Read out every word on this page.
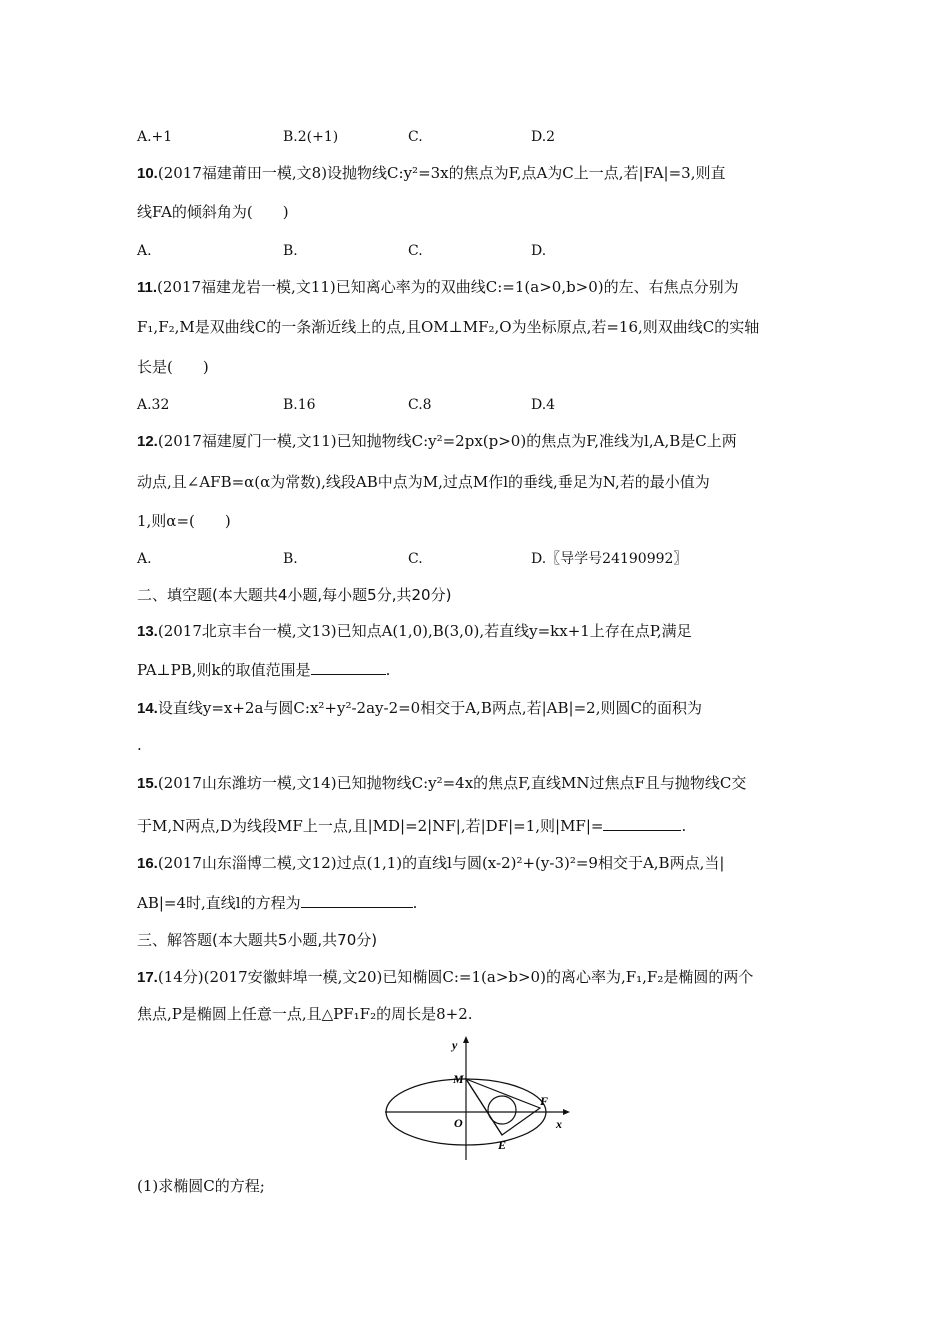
A.+1	B.2(+1)	C.	D.2
10.(2017福建莆田一模,文8)设抛物线C:y²=3x的焦点为F,点A为C上一点,若|FA|=3,则直
线FA的倾斜角为(　　)
A.	B.	C.	D.
11.(2017福建龙岩一模,文11)已知离心率为的双曲线C:=1(a>0,b>0)的左、右焦点分别为
F₁,F₂,M是双曲线C的一条渐近线上的点,且OM⊥MF₂,O为坐标原点,若=16,则双曲线C的实轴
长是(　　)
A.32	B.16	C.8	D.4
12.(2017福建厦门一模,文11)已知抛物线C:y²=2px(p>0)的焦点为F,准线为l,A,B是C上两
动点,且∠AFB=α(α为常数),线段AB中点为M,过点M作l的垂线,垂足为N,若的最小值为
1,则α=(　　)
A.	B.	C.	D.〖导学号24190992〗
二、填空题(本大题共4小题,每小题5分,共20分)
13.(2017北京丰台一模,文13)已知点A(1,0),B(3,0),若直线y=kx+1上存在点P,满足
PA⊥PB,则k的取值范围是	.
14.设直线y=x+2a与圆C:x²+y²-2ay-2=0相交于A,B两点,若|AB|=2,则圆C的面积为
.
15.(2017山东潍坊一模,文14)已知抛物线C:y²=4x的焦点F,直线MN过焦点F且与抛物线C交
于M,N两点,D为线段MF上一点,且|MD|=2|NF|,若|DF|=1,则|MF|=	.
16.(2017山东淄博二模,文12)过点(1,1)的直线l与圆(x-2)²+(y-3)²=9相交于A,B两点,当|
AB|=4时,直线l的方程为	.
三、解答题(本大题共5小题,共70分)
17.(14分)(2017安徽蚌埠一模,文20)已知椭圆C:=1(a>b>0)的离心率为,F₁,F₂是椭圆的两个
焦点,P是椭圆上任意一点,且△PF₁F₂的周长是8+2.
y
x
M
O
F
E
(1)求椭圆C的方程;
